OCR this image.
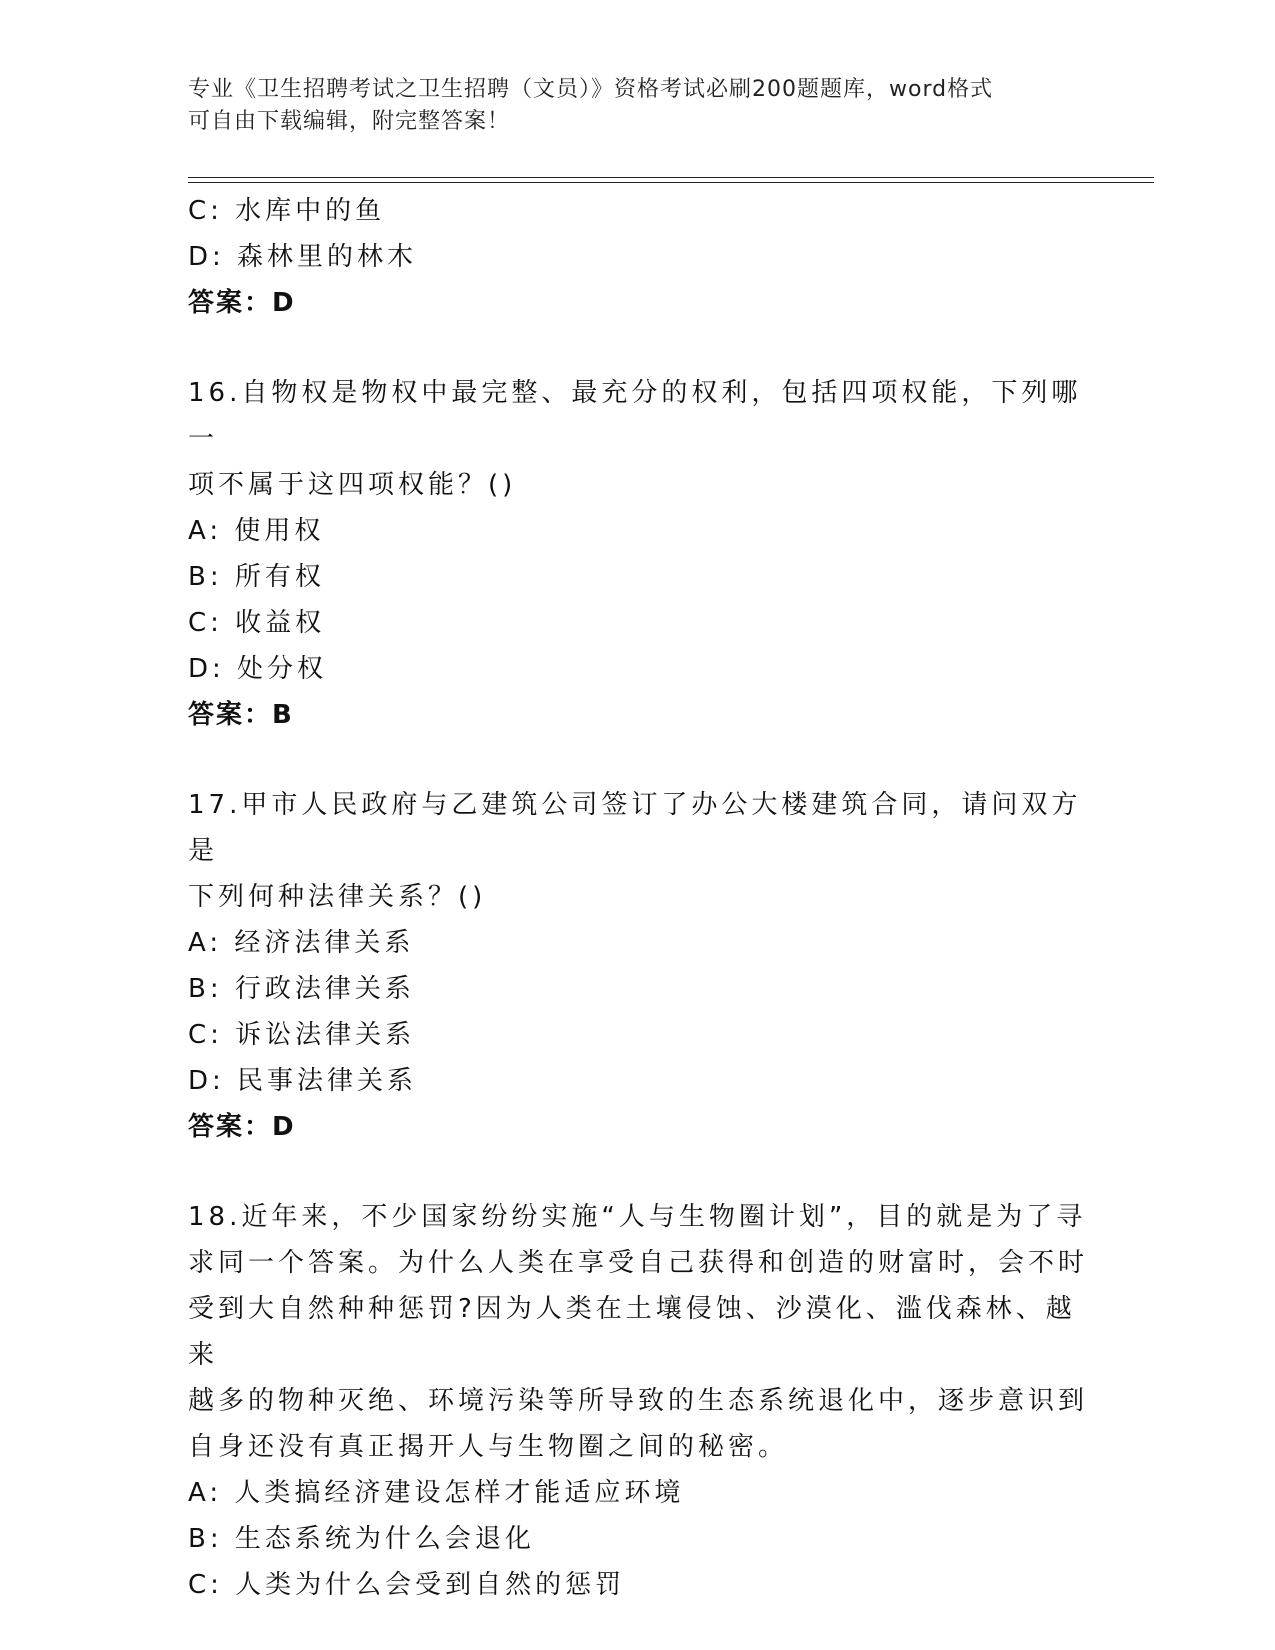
专业《卫生招聘考试之卫生招聘（文员）》资格考试必刷200题题库，word格式
可自由下载编辑，附完整答案！
C: 水库中的鱼
D: 森林里的林木
答案：D
16.自物权是物权中最完整、最充分的权利，包括四项权能，下列哪一
项不属于这四项权能？()
A: 使用权
B: 所有权
C: 收益权
D: 处分权
答案：B
17.甲市人民政府与乙建筑公司签订了办公大楼建筑合同，请问双方是
下列何种法律关系？()
A: 经济法律关系
B: 行政法律关系
C: 诉讼法律关系
D: 民事法律关系
答案：D
18.近年来，不少国家纷纷实施“人与生物圈计划”，目的就是为了寻
求同一个答案。为什么人类在享受自己获得和创造的财富时，会不时
受到大自然种种惩罚?因为人类在土壤侵蚀、沙漠化、滥伐森林、越来
越多的物种灭绝、环境污染等所导致的生态系统退化中，逐步意识到
自身还没有真正揭开人与生物圈之间的秘密。
A: 人类搞经济建设怎样才能适应环境
B: 生态系统为什么会退化
C: 人类为什么会受到自然的惩罚
